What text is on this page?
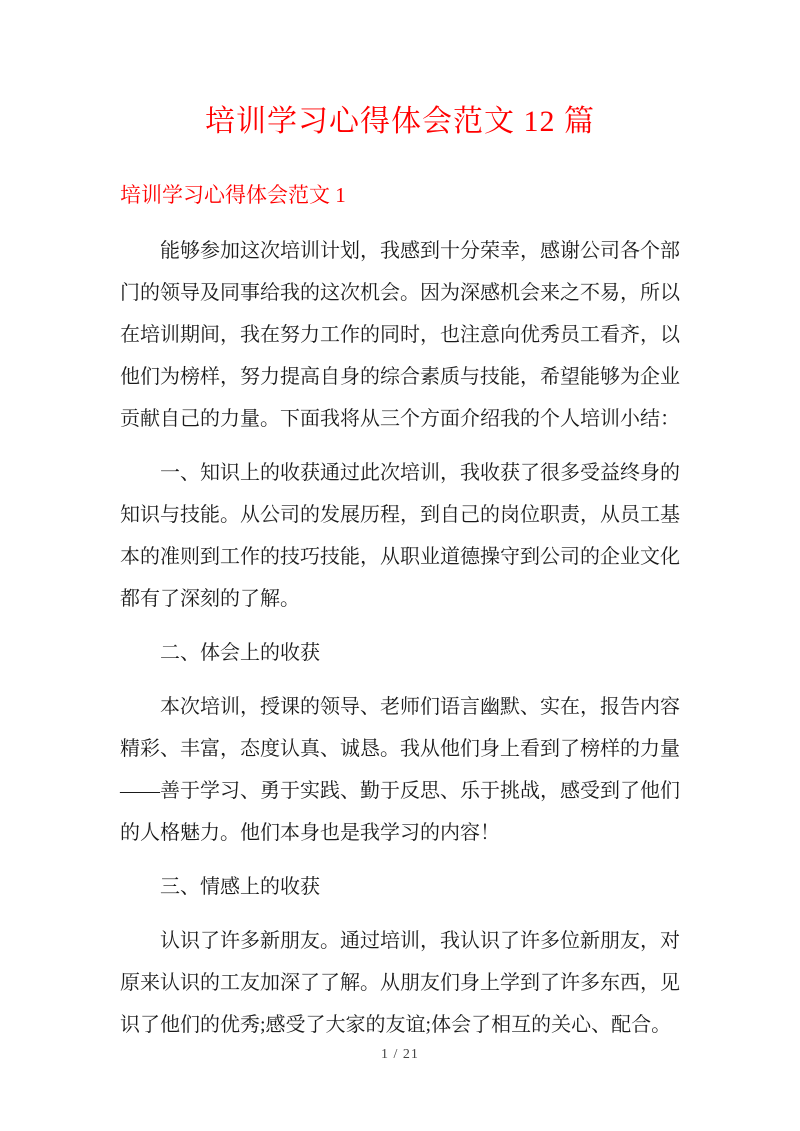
培训学习心得体会范文 12 篇
培训学习心得体会范文 1

能够参加这次培训计划，我感到十分荣幸，感谢公司各个部门的领导及同事给我的这次机会。因为深感机会来之不易，所以在培训期间，我在努力工作的同时，也注意向优秀员工看齐，以他们为榜样，努力提高自身的综合素质与技能，希望能够为企业贡献自己的力量。下面我将从三个方面介绍我的个人培训小结：

一、知识上的收获通过此次培训，我收获了很多受益终身的知识与技能。从公司的发展历程，到自己的岗位职责，从员工基本的准则到工作的技巧技能，从职业道德操守到公司的企业文化都有了深刻的了解。

二、体会上的收获

本次培训，授课的领导、老师们语言幽默、实在，报告内容精彩、丰富，态度认真、诚恳。我从他们身上看到了榜样的力量——善于学习、勇于实践、勤于反思、乐于挑战，感受到了他们的人格魅力。他们本身也是我学习的内容！

三、情感上的收获

认识了许多新朋友。通过培训，我认识了许多位新朋友，对原来认识的工友加深了了解。从朋友们身上学到了许多东西，见识了他们的优秀;感受了大家的友谊;体会了相互的关心、配合。

1 / 21
